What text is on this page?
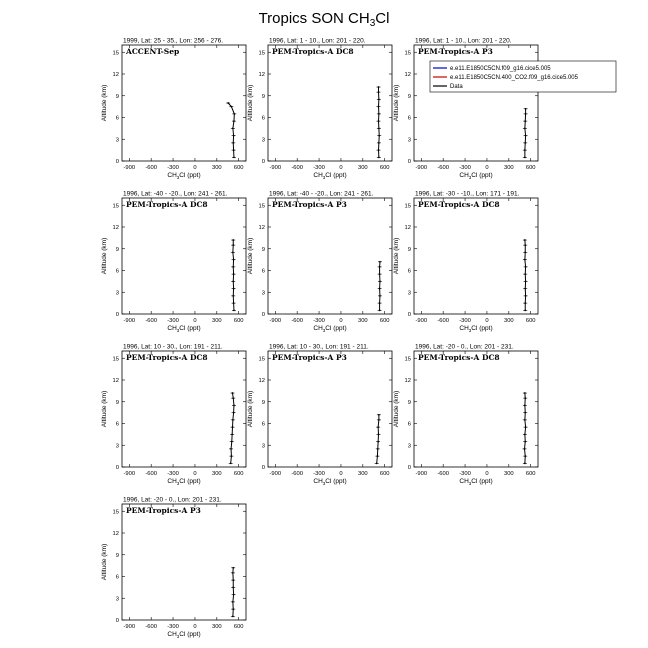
Tropics SON $CH_3Cl$
1999, Lat: 25 - 35., Lon: 256 - 276.
-900 -600 -300 0	300 600
0
3
6
9
12
15
$CH_3Cl$ (ppt)
Altitude (km)
ACCENT-Sep
1996, Lat: 1 - 10., Lon: 201 - 220.
-900 -600 -300 0	300 600
0
3
6
9
12
15
$CH_3Cl$ (ppt)
Altitude (km)
PEM-Tropics-A DC8
1996, Lat: 1 - 10., Lon: 201 - 220.
-900 -600 -300 0	300 600
0
3
6
9
12
15
$CH_3Cl$ (ppt)
Altitude (km)
PEM-Tropics-A P3
e.e11.E1850C5CN.f09_g16.cice5.005
e.e11.E1850C5CN.400_CO2.f09_g16.cice5.005
Data
1996, Lat: -40 - -20., Lon: 241 - 261.
-900 -600 -300 0	300 600
0
3
6
9
12
15
$CH_3Cl$ (ppt)
Altitude (km)
PEM-Tropics-A DC8
1996, Lat: -40 - -20., Lon: 241 - 261.
-900 -600 -300 0	300 600
0
3
6
9
12
15
$CH_3Cl$ (ppt)
Altitude (km)
PEM-Tropics-A P3
1996, Lat: -30 - -10., Lon: 171 - 191.
-900 -600 -300 0	300 600
0
3
6
9
12
15
$CH_3Cl$ (ppt)
Altitude (km)
PEM-Tropics-A DC8
1996, Lat: 10 - 30., Lon: 191 - 211.
-900 -600 -300 0	300 600
0
3
6
9
12
15
$CH_3Cl$ (ppt)
Altitude (km)
PEM-Tropics-A DC8
1996, Lat: 10 - 30., Lon: 191 - 211.
-900 -600 -300 0	300 600
0
3
6
9
12
15
$CH_3Cl$ (ppt)
Altitude (km)
PEM-Tropics-A P3
1996, Lat: -20 - 0., Lon: 201 - 231.
-900 -600 -300 0	300 600
0
3
6
9
12
15
$CH_3Cl$ (ppt)
Altitude (km)
PEM-Tropics-A DC8
1996, Lat: -20 - 0., Lon: 201 - 231.
-900 -600 -300 0	300 600
0
3
6
9
12
15
$CH_3Cl$ (ppt)
Altitude (km)
PEM-Tropics-A P3
